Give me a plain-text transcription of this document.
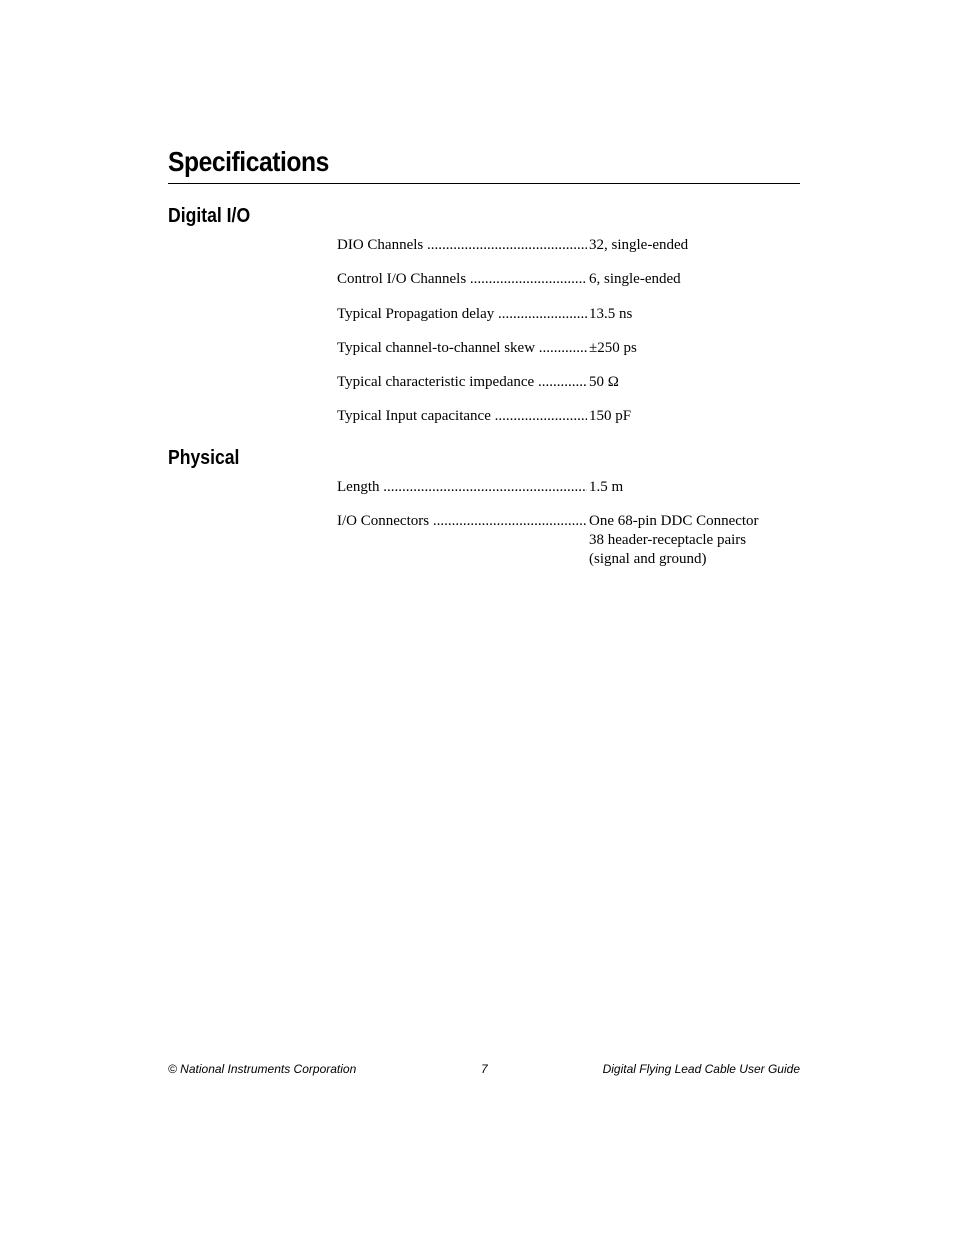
Specifications
Digital I/O
DIO Channels .....	32, single-ended
Control I/O Channels .....	6, single-ended
Typical Propagation delay .....	13.5 ns
Typical channel-to-channel skew .....	±250 ps
Typical characteristic impedance .....	50 Ω
Typical Input capacitance .....	150 pF
Physical
Length .....	1.5 m
I/O Connectors .....	One 68-pin DDC Connector
38 header-receptacle pairs
(signal and ground)
© National Instruments Corporation	7	Digital Flying Lead Cable User Guide
